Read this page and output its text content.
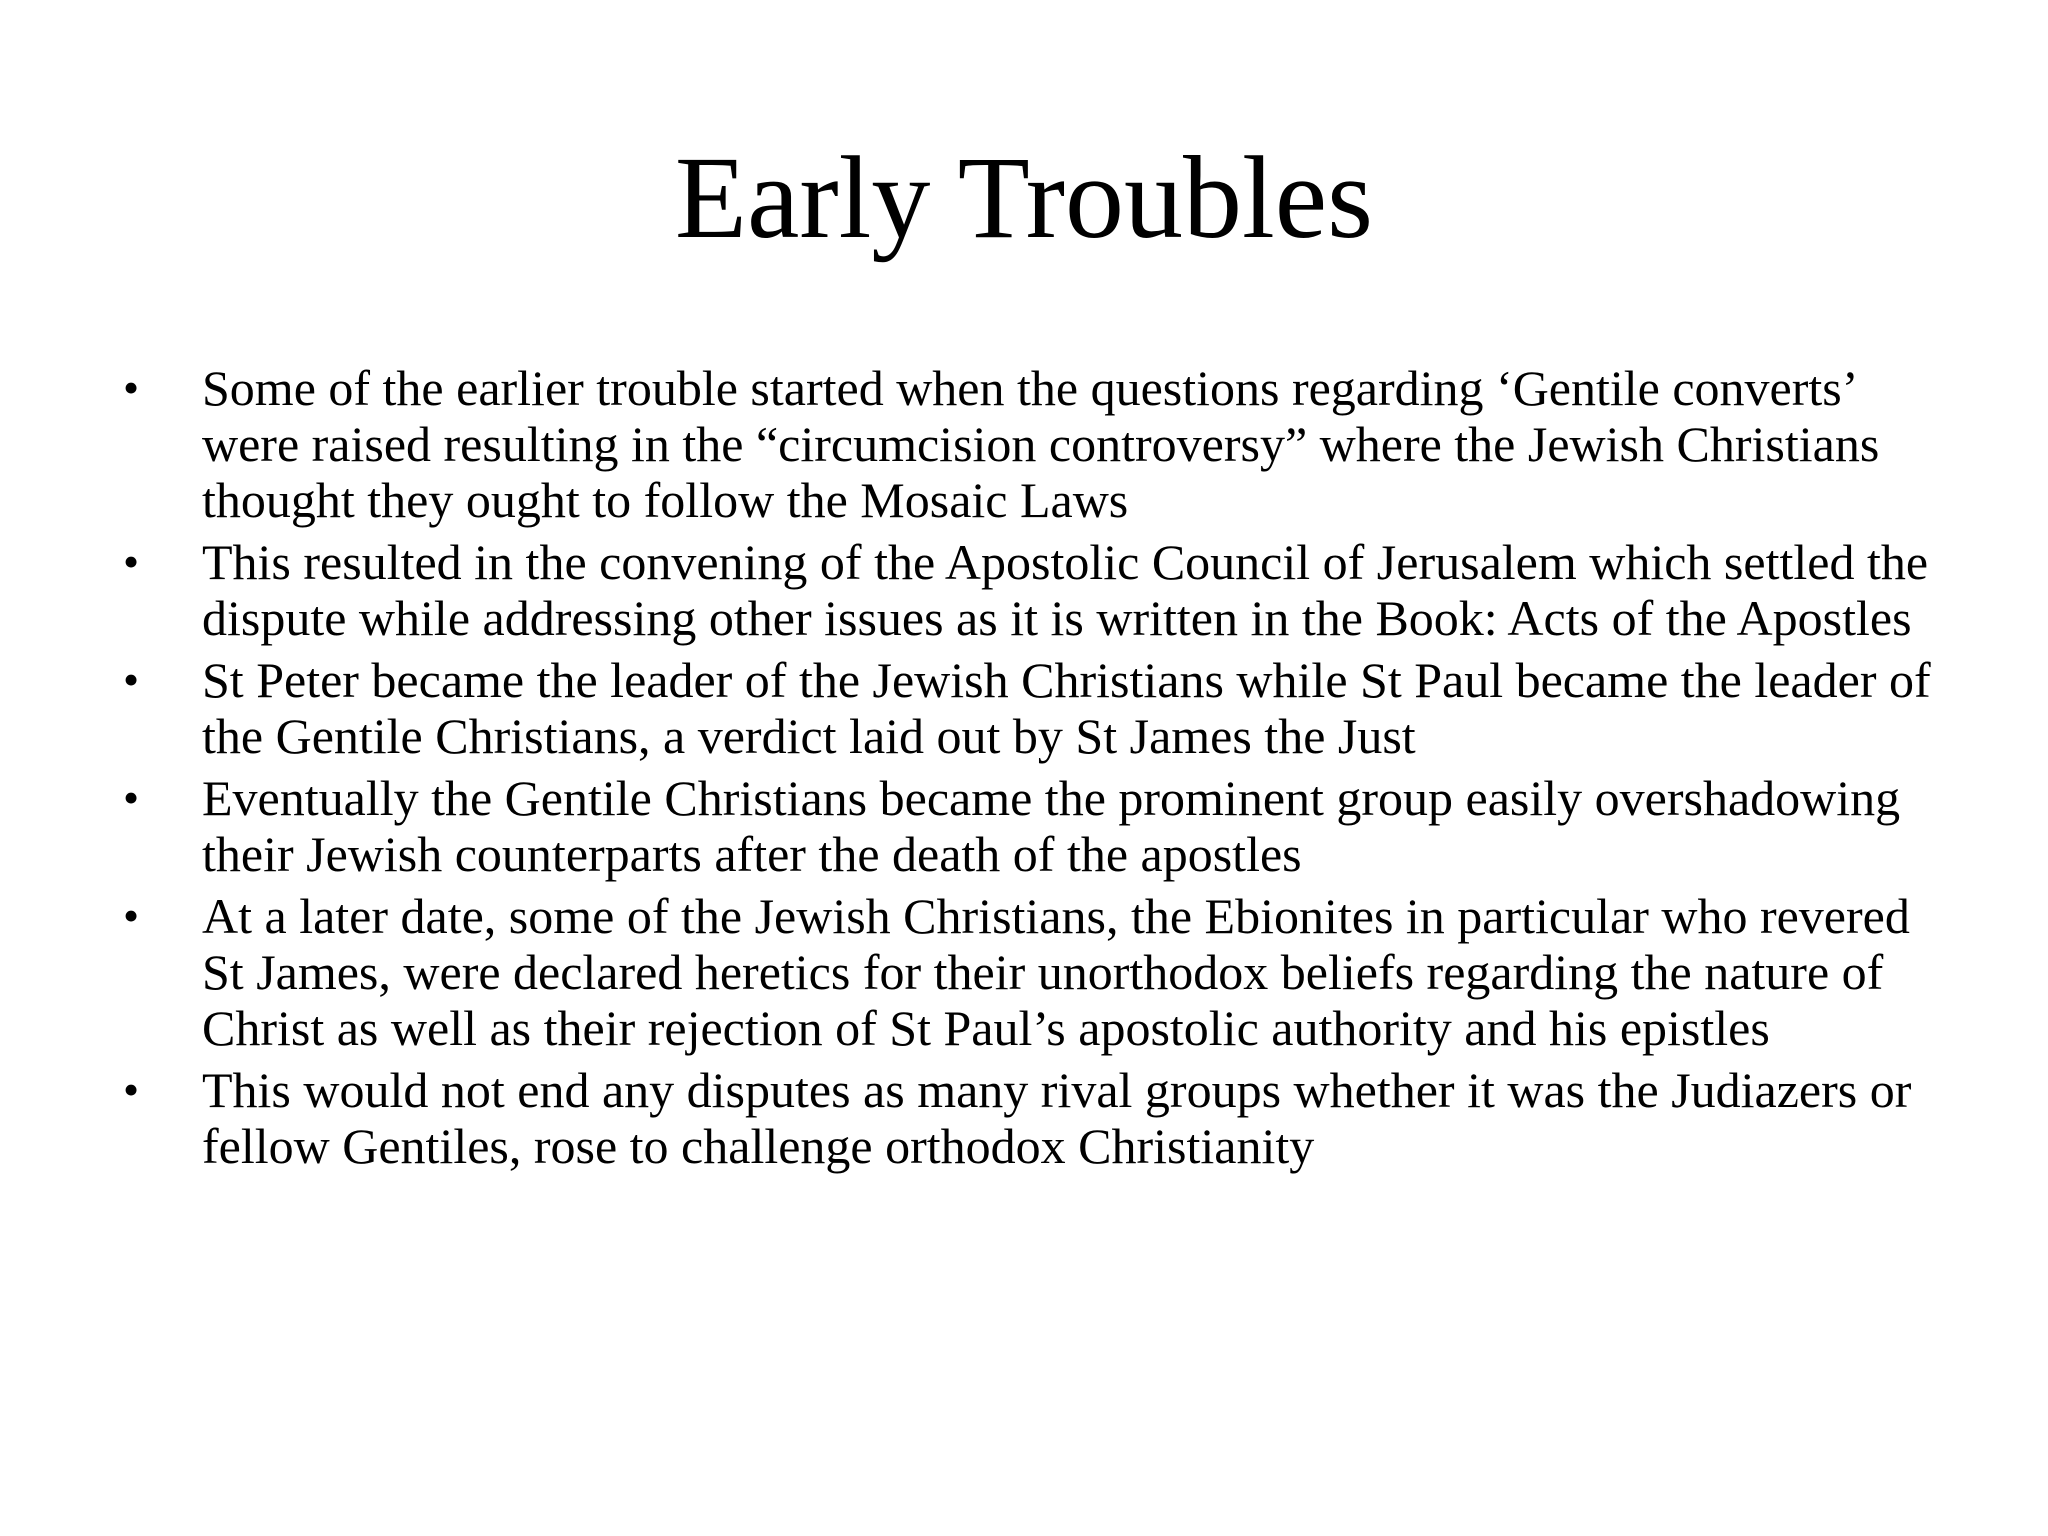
Early Troubles
• Some of the earlier trouble started when the questions regarding ‘Gentile converts’ were raised resulting in the “circumcision controversy” where the Jewish Christians thought they ought to follow the Mosaic Laws
• This resulted in the convening of the Apostolic Council of Jerusalem which settled the dispute while addressing other issues as it is written in the Book: Acts of the Apostles
• St Peter became the leader of the Jewish Christians while St Paul became the leader of the Gentile Christians, a verdict laid out by St James the Just
• Eventually the Gentile Christians became the prominent group easily overshadowing their Jewish counterparts after the death of the apostles
• At a later date, some of the Jewish Christians, the Ebionites in particular who revered St James, were declared heretics for their unorthodox beliefs regarding the nature of Christ as well as their rejection of St Paul’s apostolic authority and his epistles
• This would not end any disputes as many rival groups whether it was the Judiazers or fellow Gentiles, rose to challenge orthodox Christianity
